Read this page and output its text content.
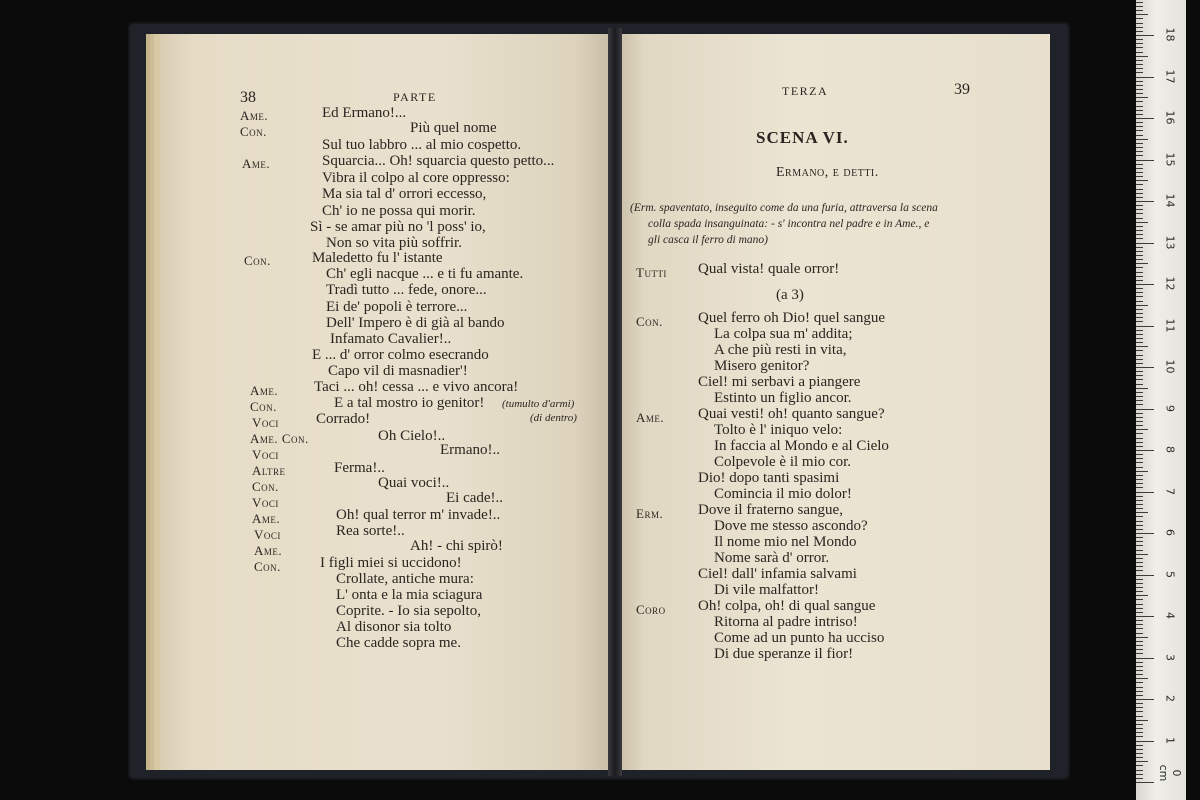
38	PARTE
Ame.	Ed Ermano!...
Con.	Più quel nome
Sul tuo labbro ... al mio cospetto.
Ame.	Squarcia... Oh! squarcia questo petto...
Vibra il colpo al core oppresso:
Ma sia tal d' orrori eccesso,
Ch' io ne possa qui morir.
Sì - se amar più no 'l poss' io,
Non so vita più soffrir.
Con.	Maledetto fu l' istante
Ch' egli nacque ... e ti fu amante.
Tradì tutto ... fede, onore...
Ei de' popoli è terrore...
Dell' Impero è di già al bando
Infamato Cavalier!..
E ... d' orror colmo esecrando
Capo vil di masnadier'!
Ame. Taci ... oh! cessa ... e vivo ancora!
Con.	E a tal mostro io genitor! (tumulto d'armi)
Voci Corrado!	(di dentro)
Ame. Con.	Oh Cielo!..
Voci	Ermano!..
Altre	Ferma!..
Con.	Quai voci!..
Voci	Ei cade!..
Ame.	Oh! qual terror m' invade!..
Voci	Rea sorte!..
Ame.	Ah! - chi spirò!
Con.	I figli miei si uccidono!
Crollate, antiche mura:
L' onta e la mia sciagura
Coprite. - Io sia sepolto,
Al disonor sia tolto
Che cadde sopra me.
TERZA	39
SCENA VI.
Ermano, e detti.
(Erm. spaventato, inseguito come da una furia, attraversa la scena
colla spada insanguinata: - s' incontra nel padre e in Ame., e
gli casca il ferro di mano)
Tutti Qual vista! quale orror!
(a 3)
Con. Quel ferro oh Dio! quel sangue
La colpa sua m' addita;
A che più resti in vita,
Misero genitor?
Ciel! mi serbavi a piangere
Estinto un figlio ancor.
Ame. Quai vesti! oh! quanto sangue?
Tolto è l' iniquo velo:
In faccia al Mondo e al Cielo
Colpevole è il mio cor.
Dio! dopo tanti spasimi
Comincia il mio dolor!
Erm. Dove il fraterno sangue,
Dove me stesso ascondo?
Il nome mio nel Mondo
Nome sarà d' orror.
Ciel! dall' infamia salvami
Di vile malfattor!
Coro Oh! colpa, oh! di qual sangue
Ritorna al padre intriso!
Come ad un punto ha ucciso
Di due speranze il fior!
0 cm
1
2
3
4
5
6
7
8
9
10
11
12
13
14
15
16
17
18
